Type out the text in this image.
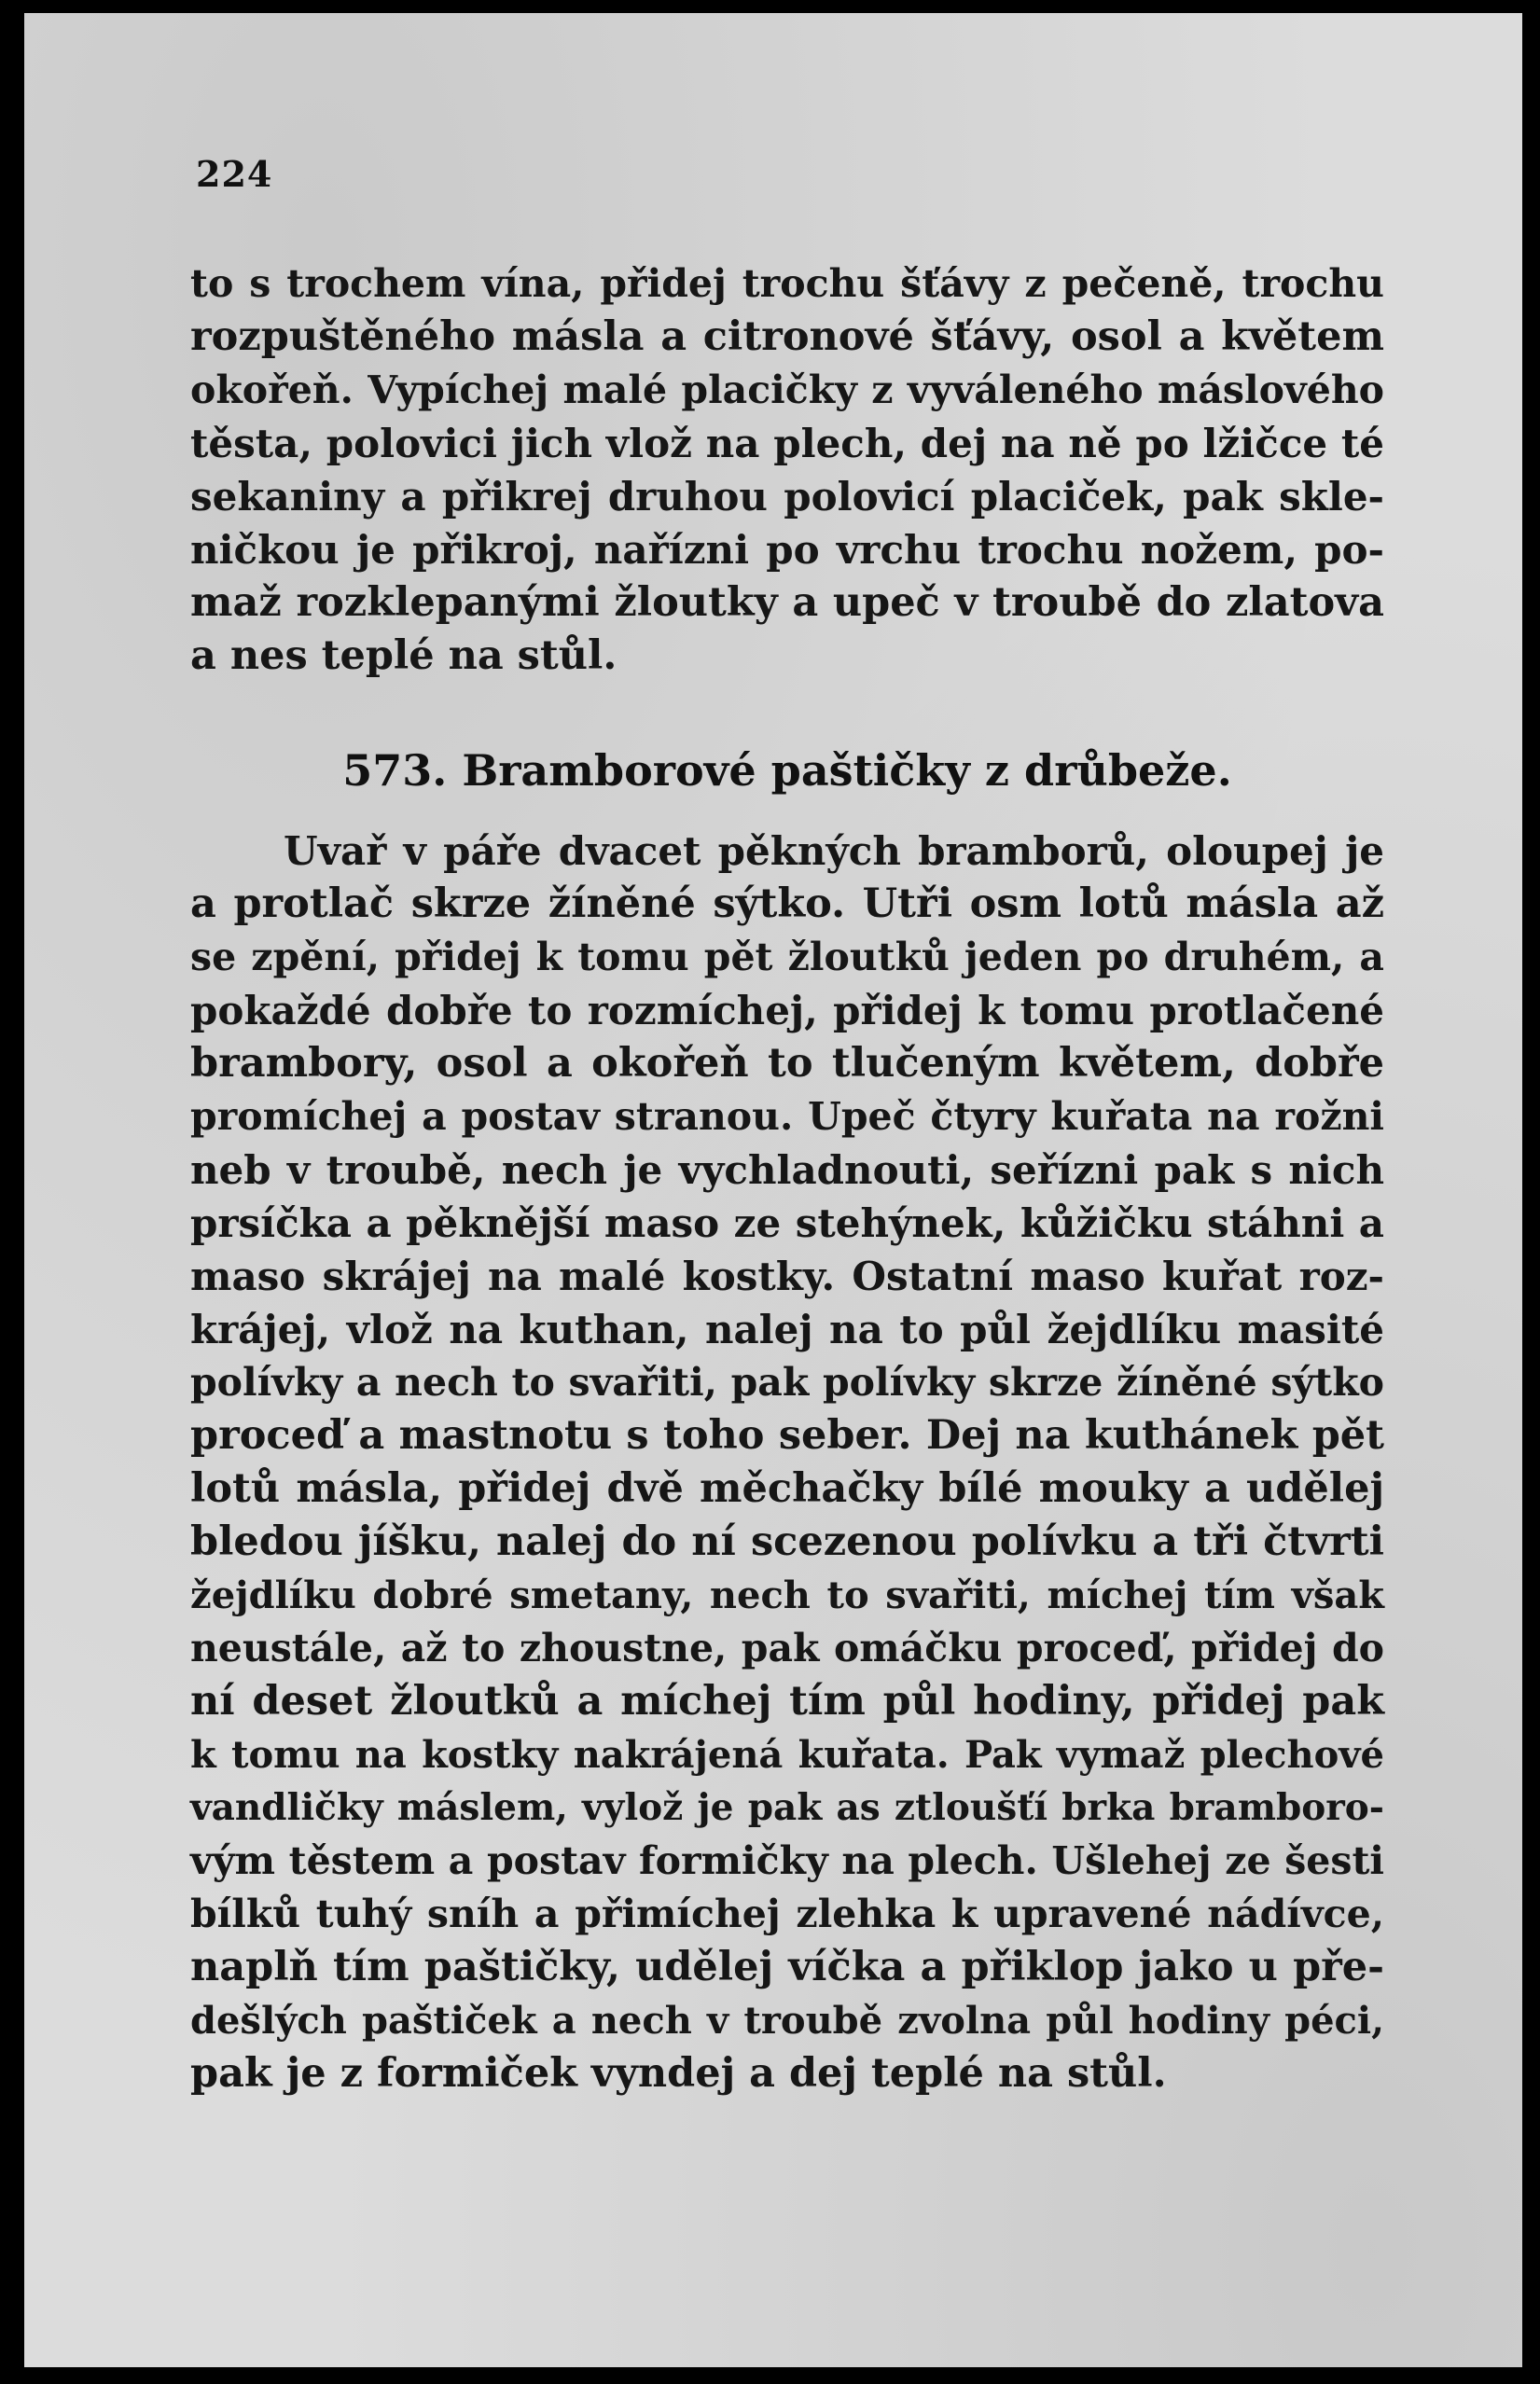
224
to s trochem vína, přidej trochu šťávy z pečeně, trochu
rozpuštěného másla a citronové šťávy, osol a květem
okořeň. Vypíchej malé placičky z vyváleného máslového
těsta, polovici jich vlož na plech, dej na ně po lžičce té
sekaniny a přikrej druhou polovicí placiček, pak skle-
ničkou je přikroj, nařízni po vrchu trochu nožem, po-
maž rozklepanými žloutky a upeč v troubě do zlatova
a nes teplé na stůl.
573. Bramborové paštičky z drůbeže.
Uvař v páře dvacet pěkných bramborů, oloupej je
a protlač skrze žíněné sýtko. Utři osm lotů másla až
se zpění, přidej k tomu pět žloutků jeden po druhém, a
pokaždé dobře to rozmíchej, přidej k tomu protlačené
brambory, osol a okořeň to tlučeným květem, dobře
promíchej a postav stranou. Upeč čtyry kuřata na rožni
neb v troubě, nech je vychladnouti, seřízni pak s nich
prsíčka a pěknější maso ze stehýnek, kůžičku stáhni a
maso skrájej na malé kostky. Ostatní maso kuřat roz-
krájej, vlož na kuthan, nalej na to půl žejdlíku masité
polívky a nech to svařiti, pak polívky skrze žíněné sýtko
proceď a mastnotu s toho seber. Dej na kuthánek pět
lotů másla, přidej dvě měchačky bílé mouky a udělej
bledou jíšku, nalej do ní scezenou polívku a tři čtvrti
žejdlíku dobré smetany, nech to svařiti, míchej tím však
neustále, až to zhoustne, pak omáčku proceď, přidej do
ní deset žloutků a míchej tím půl hodiny, přidej pak
k tomu na kostky nakrájená kuřata. Pak vymaž plechové
vandličky máslem, vylož je pak as ztloušťí brka bramboro-
vým těstem a postav formičky na plech. Ušlehej ze šesti
bílků tuhý sníh a přimíchej zlehka k upravené nádívce,
naplň tím paštičky, udělej víčka a přiklop jako u pře-
dešlých paštiček a nech v troubě zvolna půl hodiny péci,
pak je z formiček vyndej a dej teplé na stůl.
